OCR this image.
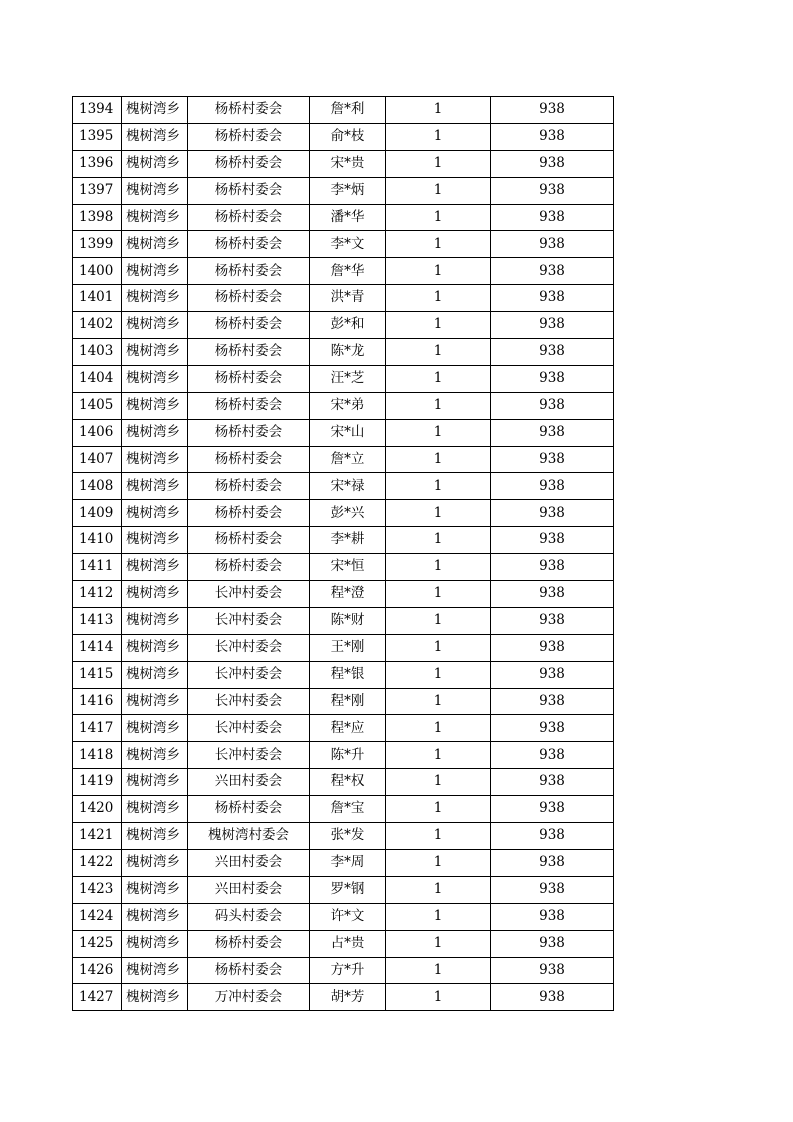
1394	槐树湾乡	杨桥村委会	詹*利	1	938
1395	槐树湾乡	杨桥村委会	俞*枝	1	938
1396	槐树湾乡	杨桥村委会	宋*贵	1	938
1397	槐树湾乡	杨桥村委会	李*炳	1	938
1398	槐树湾乡	杨桥村委会	潘*华	1	938
1399	槐树湾乡	杨桥村委会	李*文	1	938
1400	槐树湾乡	杨桥村委会	詹*华	1	938
1401	槐树湾乡	杨桥村委会	洪*青	1	938
1402	槐树湾乡	杨桥村委会	彭*和	1	938
1403	槐树湾乡	杨桥村委会	陈*龙	1	938
1404	槐树湾乡	杨桥村委会	汪*芝	1	938
1405	槐树湾乡	杨桥村委会	宋*弟	1	938
1406	槐树湾乡	杨桥村委会	宋*山	1	938
1407	槐树湾乡	杨桥村委会	詹*立	1	938
1408	槐树湾乡	杨桥村委会	宋*禄	1	938
1409	槐树湾乡	杨桥村委会	彭*兴	1	938
1410	槐树湾乡	杨桥村委会	李*耕	1	938
1411	槐树湾乡	杨桥村委会	宋*恒	1	938
1412	槐树湾乡	长冲村委会	程*澄	1	938
1413	槐树湾乡	长冲村委会	陈*财	1	938
1414	槐树湾乡	长冲村委会	王*刚	1	938
1415	槐树湾乡	长冲村委会	程*银	1	938
1416	槐树湾乡	长冲村委会	程*刚	1	938
1417	槐树湾乡	长冲村委会	程*应	1	938
1418	槐树湾乡	长冲村委会	陈*升	1	938
1419	槐树湾乡	兴田村委会	程*权	1	938
1420	槐树湾乡	杨桥村委会	詹*宝	1	938
1421	槐树湾乡	槐树湾村委会	张*发	1	938
1422	槐树湾乡	兴田村委会	李*周	1	938
1423	槐树湾乡	兴田村委会	罗*钢	1	938
1424	槐树湾乡	码头村委会	许*文	1	938
1425	槐树湾乡	杨桥村委会	占*贵	1	938
1426	槐树湾乡	杨桥村委会	方*升	1	938
1427	槐树湾乡	万冲村委会	胡*芳	1	938
